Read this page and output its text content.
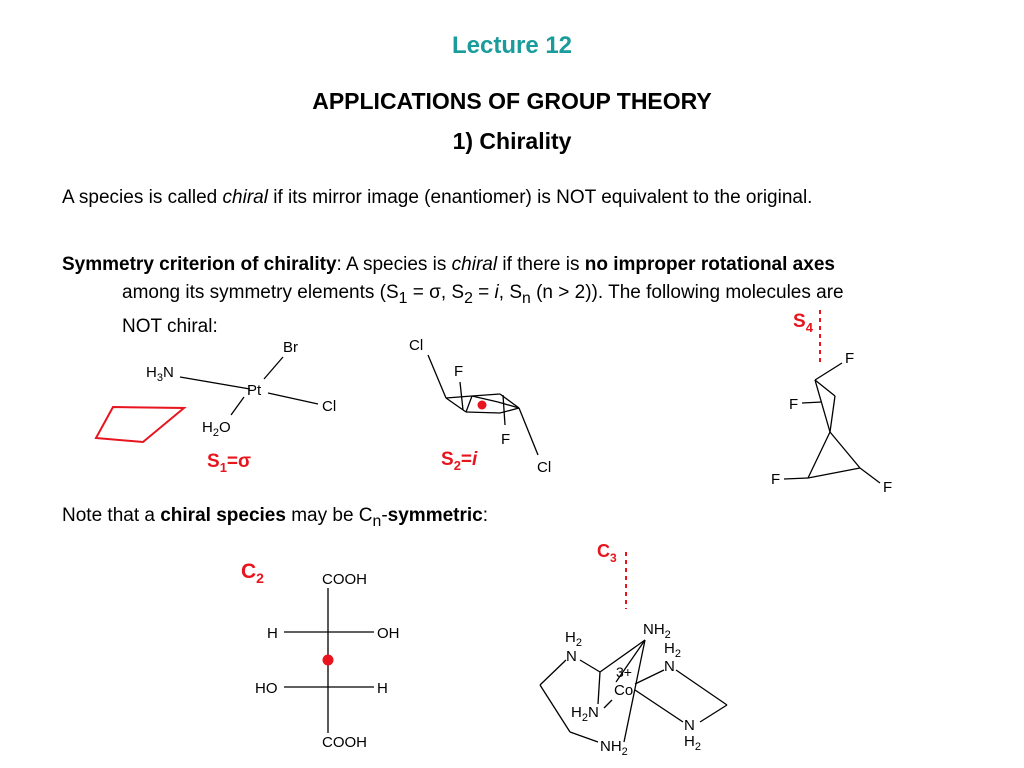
Lecture 12
APPLICATIONS OF GROUP THEORY
1) Chirality
A species is called chiral if its mirror image (enantiomer) is NOT equivalent to the original.
Symmetry criterion of chirality: A species is chiral if there is no improper rotational axes
among its symmetry elements ($S_1 = \sigma$, $S_2 = i$, $S_n$ (n > 2)). The following molecules are
NOT chiral:
Note that a chiral species may be $C_n$-symmetric:
Br
Pt
Cl
$H_3N$
$H_2O$
$S_1=\sigma$
Cl
F
F
Cl
$S_2=i$
$S_4$
F
F
F	F
$C_2$	COOH
H	OH
HO	H
COOH
$C_3$
$NH_2$
$H_2$
N	$H_2$
N
3+
Co
$H_2N$
N
$H_2$
$NH_2$
